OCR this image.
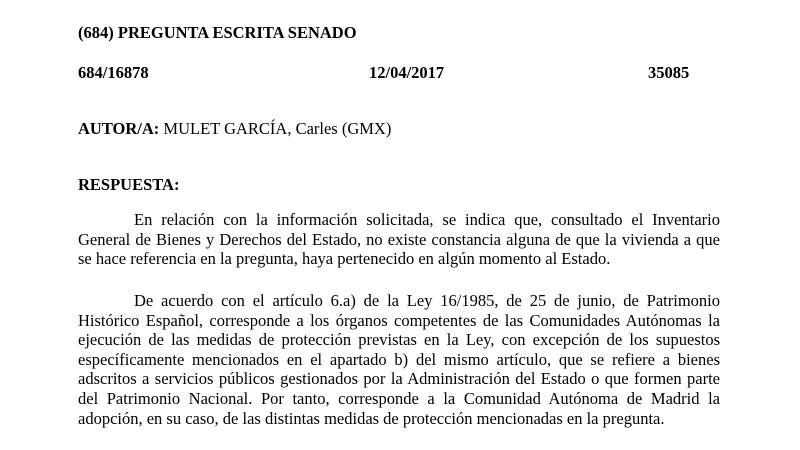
(684) PREGUNTA ESCRITA SENADO
684/16878	12/04/2017	35085
AUTOR/A: MULET GARCÍA, Carles (GMX)
RESPUESTA:

En relación con la información solicitada, se indica que, consultado el Inventario General de Bienes y Derechos del Estado, no existe constancia alguna de que la vivienda a que se hace referencia en la pregunta, haya pertenecido en algún momento al Estado.

De acuerdo con el artículo 6.a) de la Ley 16/1985, de 25 de junio, de Patrimonio Histórico Español, corresponde a los órganos competentes de las Comunidades Autónomas la ejecución de las medidas de protección previstas en la Ley, con excepción de los supuestos específicamente mencionados en el apartado b) del mismo artículo, que se refiere a bienes adscritos a servicios públicos gestionados por la Administración del Estado o que formen parte del Patrimonio Nacional. Por tanto, corresponde a la Comunidad Autónoma de Madrid la adopción, en su caso, de las distintas medidas de protección mencionadas en la pregunta.
